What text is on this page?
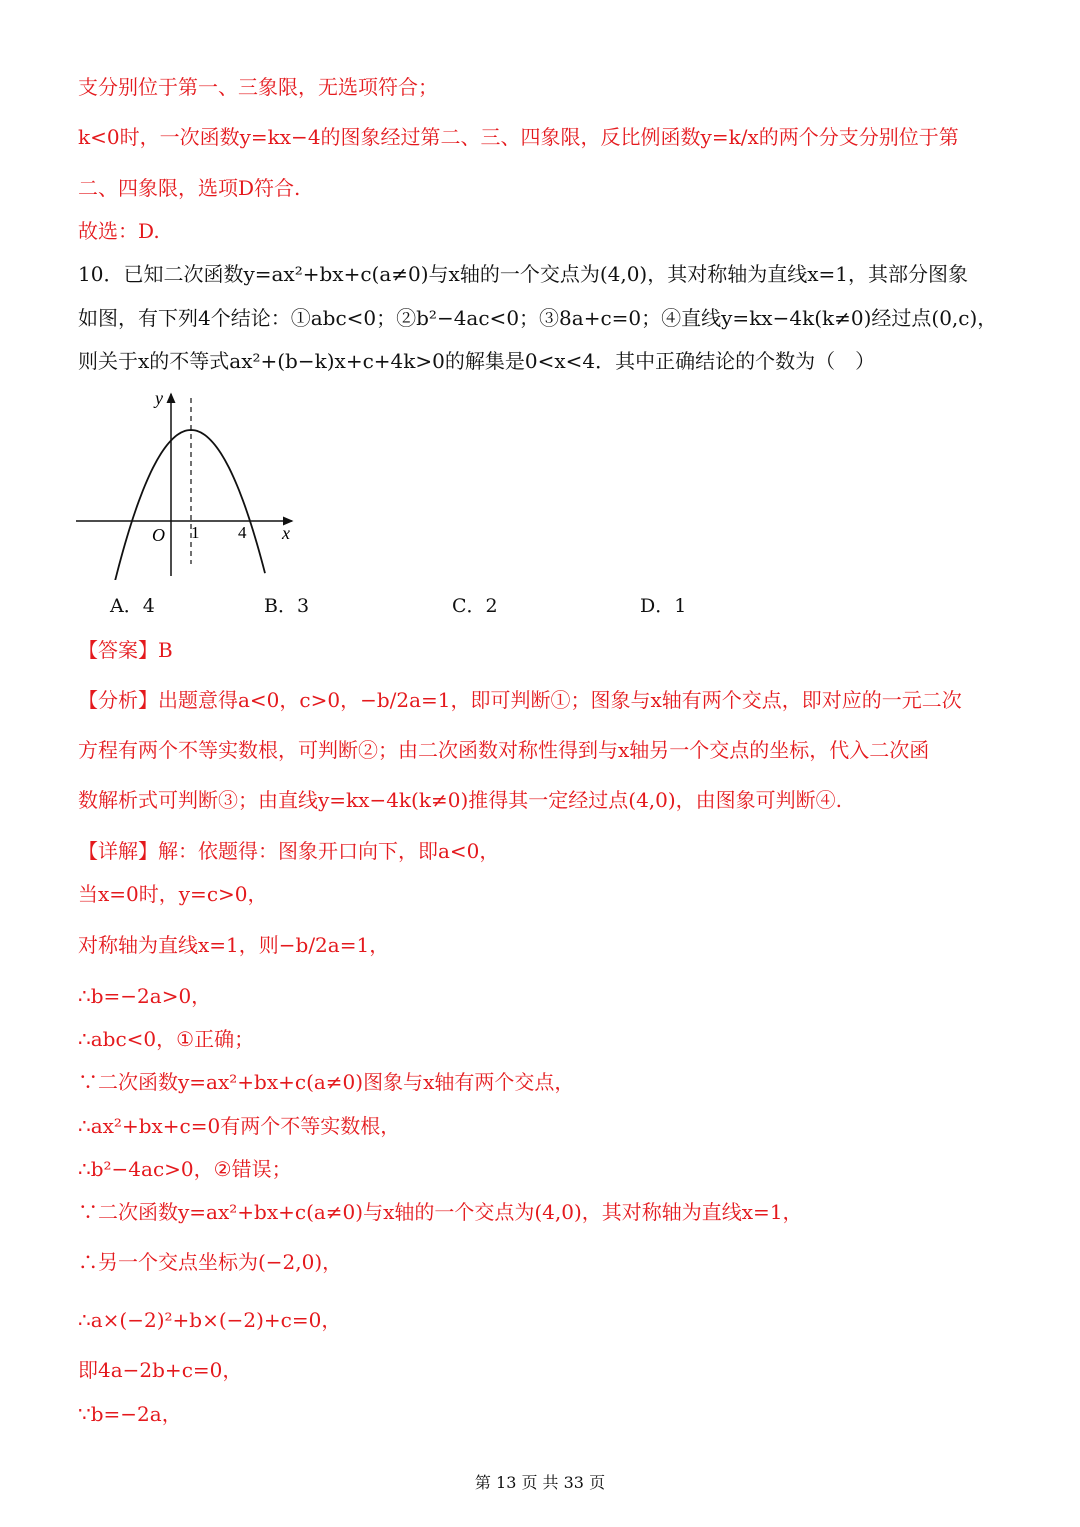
支分别位于第一、三象限，无选项符合；
k<0时，一次函数y=kx−4的图象经过第二、三、四象限，反比例函数y=k/x的两个分支分别位于第
二、四象限，选项D符合.
故选：D.
10．已知二次函数y=ax²+bx+c(a≠0)与x轴的一个交点为(4,0)，其对称轴为直线x=1，其部分图象
如图，有下列4个结论：①abc<0；②b²−4ac<0；③8a+c=0；④直线y=kx−4k(k≠0)经过点(0,c)，
则关于x的不等式ax²+(b−k)x+c+4k>0的解集是0<x<4．其中正确结论的个数为（　）
y
x
O 1 4
A．4	B．3	C．2	D．1
【答案】B
【分析】出题意得a<0，c>0，−b/2a=1，即可判断①；图象与x轴有两个交点，即对应的一元二次
方程有两个不等实数根，可判断②；由二次函数对称性得到与x轴另一个交点的坐标，代入二次函
数解析式可判断③；由直线y=kx−4k(k≠0)推得其一定经过点(4,0)，由图象可判断④.
【详解】解：依题得：图象开口向下，即a<0，
当x=0时，y=c>0，
对称轴为直线x=1，则−b/2a=1，
∴b=−2a>0，
∴abc<0，①正确；
∵二次函数y=ax²+bx+c(a≠0)图象与x轴有两个交点，
∴ax²+bx+c=0有两个不等实数根，
∴b²−4ac>0，②错误；
∵二次函数y=ax²+bx+c(a≠0)与x轴的一个交点为(4,0)，其对称轴为直线x=1，
∴另一个交点坐标为(−2,0)，
∴a×(−2)²+b×(−2)+c=0，
即4a−2b+c=0，
∵b=−2a，
第 13 页 共 33 页
